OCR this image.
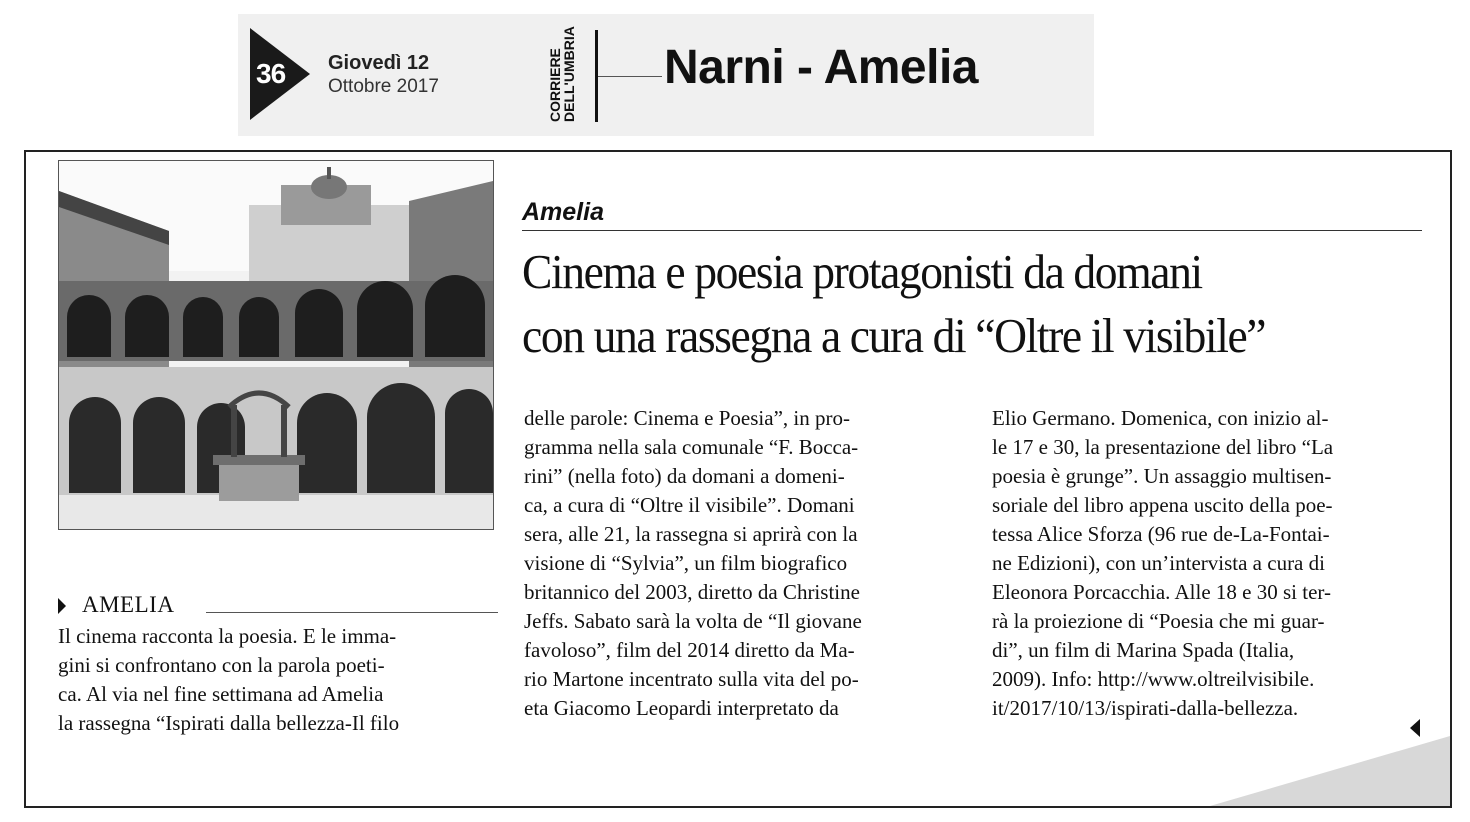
36 Giovedì 12
Ottobre 2017	CORRIERE
DELL'UMBRIA Narni - Amelia
Amelia
Cinema e poesia protagonisti da domani
con una rassegna a cura di “Oltre il visibile”
AMELIA
Il cinema racconta la poesia. E le imma-
gini si confrontano con la parola poeti-
ca. Al via nel fine settimana ad Amelia
la rassegna “Ispirati dalla bellezza-Il filo
delle parole: Cinema e Poesia”, in pro-
gramma nella sala comunale “F. Bocca-
rini” (nella foto) da domani a domeni-
ca, a cura di “Oltre il visibile”. Domani
sera, alle 21, la rassegna si aprirà con la
visione di “Sylvia”, un film biografico
britannico del 2003, diretto da Christine
Jeffs. Sabato sarà la volta de “Il giovane
favoloso”, film del 2014 diretto da Ma-
rio Martone incentrato sulla vita del po-
eta Giacomo Leopardi interpretato da
Elio Germano. Domenica, con inizio al-
le 17 e 30, la presentazione del libro “La
poesia è grunge”. Un assaggio multisen-
soriale del libro appena uscito della poe-
tessa Alice Sforza (96 rue de-La-Fontai-
ne Edizioni), con un’intervista a cura di
Eleonora Porcacchia. Alle 18 e 30 si ter-
rà la proiezione di “Poesia che mi guar-
di”, un film di Marina Spada (Italia,
2009). Info: http://www.oltreilvisibile.
it/2017/10/13/ispirati-dalla-bellezza.
